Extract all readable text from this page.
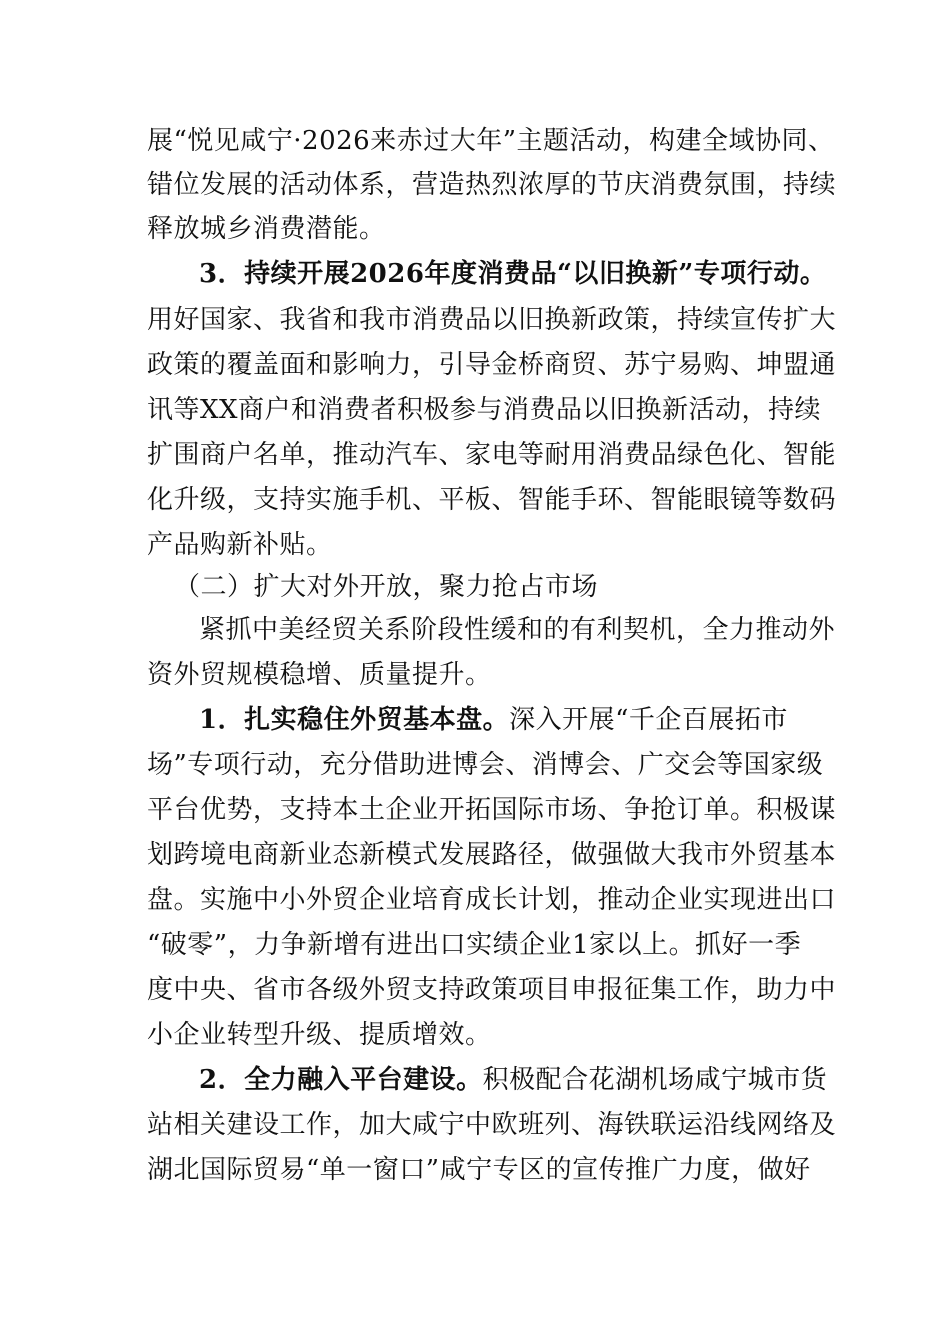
展“悦见咸宁·2026来赤过大年”主题活动，构建全域协同、
错位发展的活动体系，营造热烈浓厚的节庆消费氛围，持续
释放城乡消费潜能。
3．持续开展2026年度消费品“以旧换新”专项行动。
用好国家、我省和我市消费品以旧换新政策，持续宣传扩大
政策的覆盖面和影响力，引导金桥商贸、苏宁易购、坤盟通
讯等XX商户和消费者积极参与消费品以旧换新活动，持续
扩围商户名单，推动汽车、家电等耐用消费品绿色化、智能
化升级，支持实施手机、平板、智能手环、智能眼镜等数码
产品购新补贴。
（二）扩大对外开放，聚力抢占市场
紧抓中美经贸关系阶段性缓和的有利契机，全力推动外
资外贸规模稳增、质量提升。
1．扎实稳住外贸基本盘。深入开展“千企百展拓市
场”专项行动，充分借助进博会、消博会、广交会等国家级
平台优势，支持本土企业开拓国际市场、争抢订单。积极谋
划跨境电商新业态新模式发展路径，做强做大我市外贸基本
盘。实施中小外贸企业培育成长计划，推动企业实现进出口
“破零”，力争新增有进出口实绩企业1家以上。抓好一季
度中央、省市各级外贸支持政策项目申报征集工作，助力中
小企业转型升级、提质增效。
2．全力融入平台建设。积极配合花湖机场咸宁城市货
站相关建设工作，加大咸宁中欧班列、海铁联运沿线网络及
湖北国际贸易“单一窗口”咸宁专区的宣传推广力度，做好
